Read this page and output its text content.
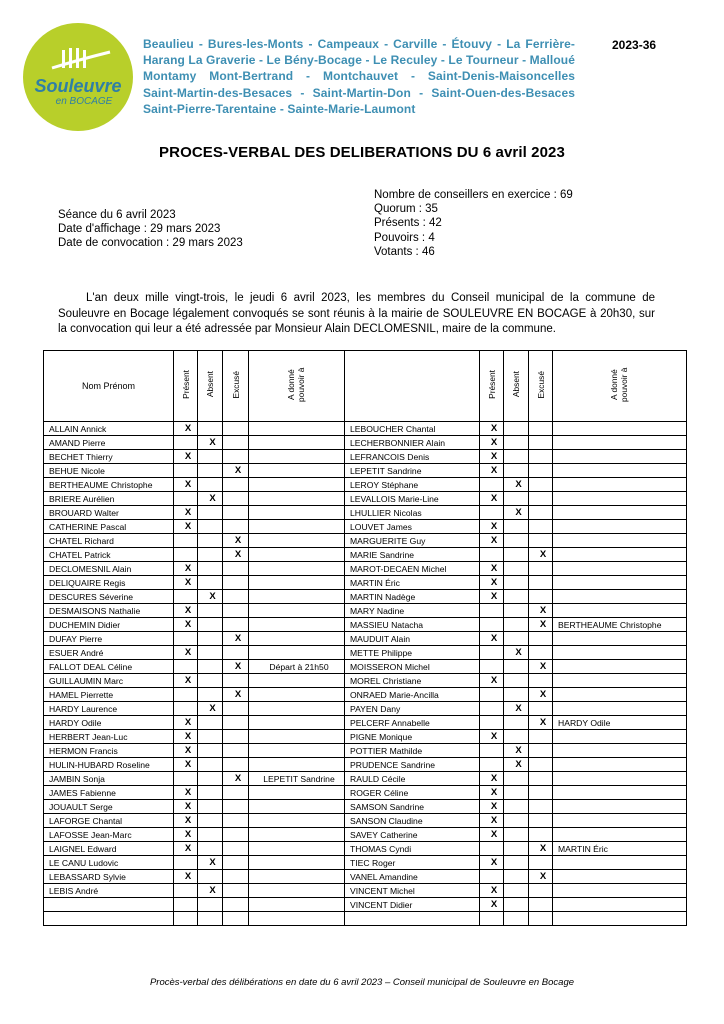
Souleuvre
en BOCAGE
Beaulieu - Bures-les-Monts - Campeaux - Carville - Étouvy - La Ferrière-
Harang La Graverie - Le Bény-Bocage - Le Reculey - Le Tourneur - Malloué
Montamy Mont-Bertrand - Montchauvet - Saint-Denis-Maisoncelles
Saint-Martin-des-Besaces - Saint-Martin-Don - Saint-Ouen-des-Besaces
Saint-Pierre-Tarentaine - Sainte-Marie-Laumont
2023-36
PROCES-VERBAL DES DELIBERATIONS DU 6 avril 2023
Séance du 6 avril 2023
Date d'affichage : 29 mars 2023
Date de convocation : 29 mars 2023
Nombre de conseillers en exercice : 69
Quorum : 35
Présents : 42
Pouvoirs : 4
Votants : 46
L'an deux mille vingt-trois, le jeudi 6 avril 2023, les membres du Conseil municipal de la commune de Souleuvre en Bocage légalement convoqués se sont réunis à la mairie de SOULEUVRE EN BOCAGE à 20h30, sur la convocation qui leur a été adressée par Monsieur Alain DECLOMESNIL, maire de la commune.
Nom Prénom	Présent	Absent	Excusé	A donné pouvoir à		Présent	Absent	Excusé	A donné pouvoir à
ALLAIN Annick	X				LEBOUCHER Chantal	X			
AMAND Pierre		X			LECHERBONNIER Alain	X			
BECHET Thierry	X				LEFRANCOIS Denis	X			
BEHUE Nicole			X		LEPETIT Sandrine	X			
BERTHEAUME Christophe	X				LEROY Stéphane		X		
BRIERE Aurélien		X			LEVALLOIS Marie-Line	X			
BROUARD Walter	X				LHULLIER Nicolas		X		
CATHERINE Pascal	X				LOUVET James	X			
CHATEL Richard			X		MARGUERITE Guy	X			
CHATEL Patrick			X		MARIE Sandrine			X	
DECLOMESNIL Alain	X				MAROT-DECAEN Michel	X			
DELIQUAIRE Regis	X				MARTIN Éric	X			
DESCURES Séverine		X			MARTIN Nadège	X			
DESMAISONS Nathalie	X				MARY Nadine			X	
DUCHEMIN Didier	X				MASSIEU Natacha			X	BERTHEAUME Christophe
DUFAY Pierre			X		MAUDUIT Alain	X			
ESUER André	X				METTE Philippe		X		
FALLOT DEAL Céline			X	Départ à 21h50	MOISSERON Michel			X	
GUILLAUMIN Marc	X				MOREL Christiane	X			
HAMEL Pierrette			X		ONRAED Marie-Ancilla			X	
HARDY Laurence		X			PAYEN Dany		X		
HARDY Odile	X				PELCERF Annabelle			X	HARDY Odile
HERBERT Jean-Luc	X				PIGNE Monique	X			
HERMON Francis	X				POTTIER Mathilde		X		
HULIN-HUBARD Roseline	X				PRUDENCE Sandrine		X		
JAMBIN Sonja			X	LEPETIT Sandrine	RAULD Cécile	X			
JAMES Fabienne	X				ROGER Céline	X			
JOUAULT Serge	X				SAMSON Sandrine	X			
LAFORGE Chantal	X				SANSON Claudine	X			
LAFOSSE Jean-Marc	X				SAVEY Catherine	X			
LAIGNEL Edward	X				THOMAS Cyndi			X	MARTIN Éric
LE CANU Ludovic		X			TIEC Roger	X			
LEBASSARD Sylvie	X				VANEL Amandine			X	
LEBIS André		X			VINCENT Michel	X			
					VINCENT Didier	X			

Procès-verbal des délibérations en date du 6 avril 2023 – Conseil municipal de Souleuvre en Bocage
